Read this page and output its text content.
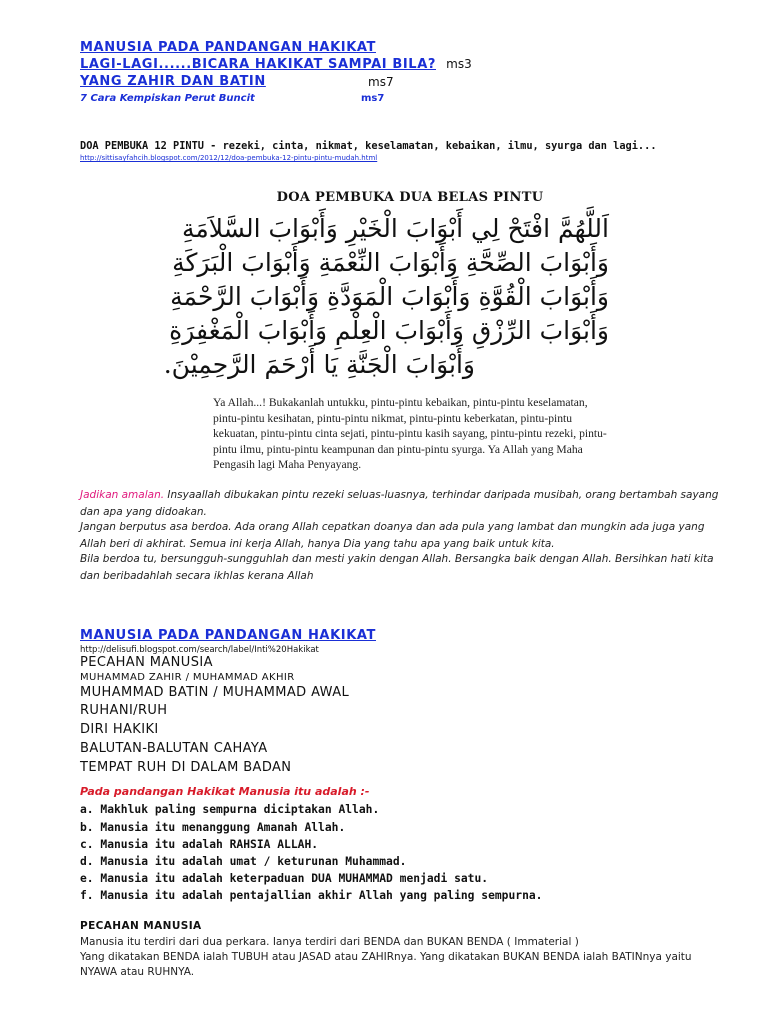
MANUSIA PADA PANDANGAN HAKIKAT
LAGI-LAGI......BICARA HAKIKAT SAMPAI BILA? ms3
YANG ZAHIR DAN BATIN	ms7
7 Cara Kempiskan Perut Buncit	ms7
DOA PEMBUKA 12 PINTU - rezeki, cinta, nikmat, keselamatan, kebaikan, ilmu, syurga dan lagi...
http://sittisayfahcih.blogspot.com/2012/12/doa-pembuka-12-pintu-pintu-mudah.html
DOA PEMBUKA DUA BELAS PINTU
اَللَّهُمَّ افْتَحْ لِي أَبْوَابَ الْخَيْرِ وَأَبْوَابَ السَّلاَمَةِ
وَأَبْوَابَ الصِّحَّةِ وَأَبْوَابَ النِّعْمَةِ وَأَبْوَابَ الْبَرَكَةِ
وَأَبْوَابَ الْقُوَّةِ وَأَبْوَابَ الْمَوَدَّةِ وَأَبْوَابَ الرَّحْمَةِ
وَأَبْوَابَ الرِّزْقِ وَأَبْوَابَ الْعِلْمِ وَأَبْوَابَ الْمَغْفِرَةِ
وَأَبْوَابَ الْجَنَّةِ يَا أَرْحَمَ الرَّحِمِيْنَ.
Ya Allah...! Bukakanlah untukku, pintu-pintu kebaikan, pintu-pintu keselamatan, pintu-pintu kesihatan, pintu-pintu nikmat, pintu-pintu keberkatan, pintu-pintu kekuatan, pintu-pintu cinta sejati, pintu-pintu kasih sayang, pintu-pintu rezeki, pintu-pintu ilmu, pintu-pintu keampunan dan pintu-pintu syurga. Ya Allah yang Maha Pengasih lagi Maha Penyayang.
Jadikan amalan. Insyaallah dibukakan pintu rezeki seluas-luasnya, terhindar daripada musibah, orang bertambah sayang dan apa yang didoakan.
Jangan berputus asa berdoa. Ada orang Allah cepatkan doanya dan ada pula yang lambat dan mungkin ada juga yang Allah beri di akhirat. Semua ini kerja Allah, hanya Dia yang tahu apa yang baik untuk kita.
Bila berdoa tu, bersungguh-sungguhlah dan mesti yakin dengan Allah. Bersangka baik dengan Allah. Bersihkan hati kita dan beribadahlah secara ikhlas kerana Allah
MANUSIA PADA PANDANGAN HAKIKAT
http://delisufi.blogspot.com/search/label/Inti%20Hakikat
PECAHAN MANUSIA
MUHAMMAD ZAHIR / MUHAMMAD AKHIR
MUHAMMAD BATIN / MUHAMMAD AWAL
RUHANI/RUH
DIRI HAKIKI
BALUTAN-BALUTAN CAHAYA
TEMPAT RUH DI DALAM BADAN
Pada pandangan Hakikat Manusia itu adalah :-
a. Makhluk paling sempurna diciptakan Allah.
b. Manusia itu menanggung Amanah Allah.
c. Manusia itu adalah RAHSIA ALLAH.
d. Manusia itu adalah umat / keturunan Muhammad.
e. Manusia itu adalah keterpaduan DUA MUHAMMAD menjadi satu.
f. Manusia itu adalah pentajallian akhir Allah yang paling sempurna.
PECAHAN MANUSIA
Manusia itu terdiri dari dua perkara. Ianya terdiri dari BENDA dan BUKAN BENDA ( Immaterial )
Yang dikatakan BENDA ialah TUBUH atau JASAD atau ZAHIRnya. Yang dikatakan BUKAN BENDA ialah BATINnya yaitu NYAWA atau RUHNYA.
